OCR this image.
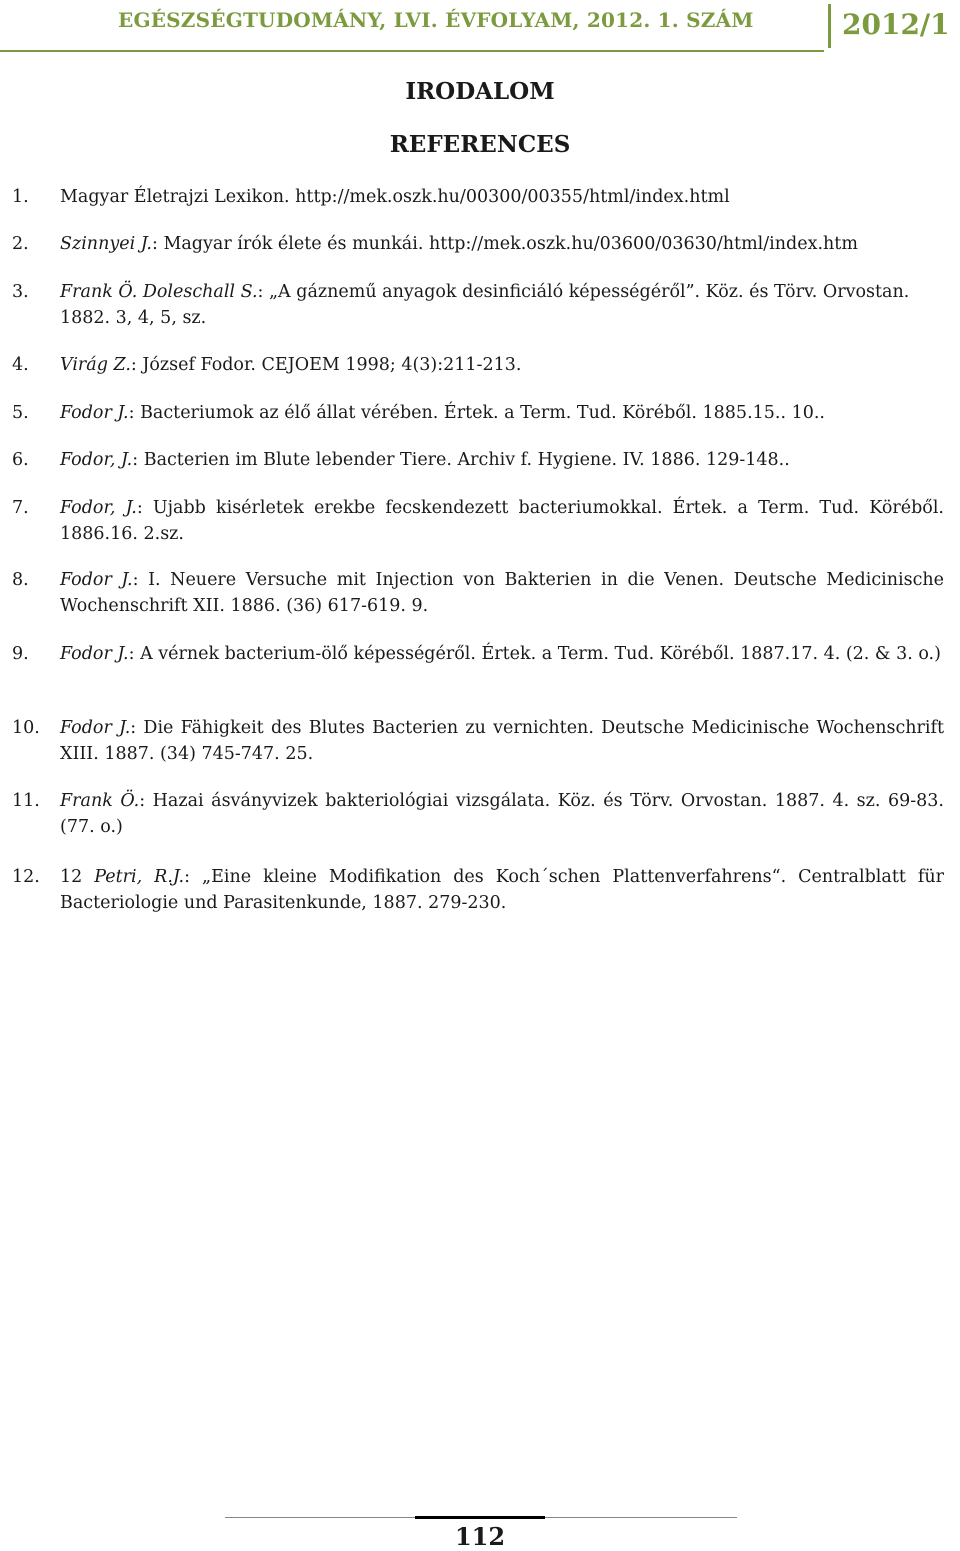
EGÉSZSÉGTUDOMÁNY, LVI. ÉVFOLYAM, 2012. 1. SZÁM	2012/1
IRODALOM
REFERENCES
1. Magyar Életrajzi Lexikon. http://mek.oszk.hu/00300/00355/html/index.html
2. Szinnyei J.: Magyar írók élete és munkái. http://mek.oszk.hu/03600/03630/html/index.htm
3. Frank Ö. Doleschall S.: „A gáznemű anyagok desinficiáló képességéről”. Köz. és Törv. Orvostan. 1882. 3, 4, 5, sz.
4. Virág Z.: József Fodor. CEJOEM 1998; 4(3):211-213.
5. Fodor J.: Bacteriumok az élő állat vérében. Értek. a Term. Tud. Köréből. 1885.15.. 10..
6. Fodor, J.: Bacterien im Blute lebender Tiere. Archiv f. Hygiene. IV. 1886. 129-148..
7. Fodor, J.: Ujabb kisérletek erekbe fecskendezett bacteriumokkal. Értek. a Term. Tud. Köréből. 1886.16. 2.sz.
8. Fodor J.: I. Neuere Versuche mit Injection von Bakterien in die Venen. Deutsche Medicinische Wochenschrift XII. 1886. (36) 617-619. 9.
9. Fodor J.: A vérnek bacterium-ölő képességéről. Értek. a Term. Tud. Köréből. 1887.17. 4. (2. & 3. o.)
10. Fodor J.: Die Fähigkeit des Blutes Bacterien zu vernichten. Deutsche Medicinische Wochenschrift XIII. 1887. (34) 745-747. 25.
11. Frank Ö.: Hazai ásványvizek bakteriológiai vizsgálata. Köz. és Törv. Orvostan. 1887. 4. sz. 69-83. (77. o.)
12. 12 Petri, R.J.: „Eine kleine Modifikation des Koch´schen Plattenverfahrens“. Centralblatt für Bacteriologie und Parasitenkunde, 1887. 279-230.
112
